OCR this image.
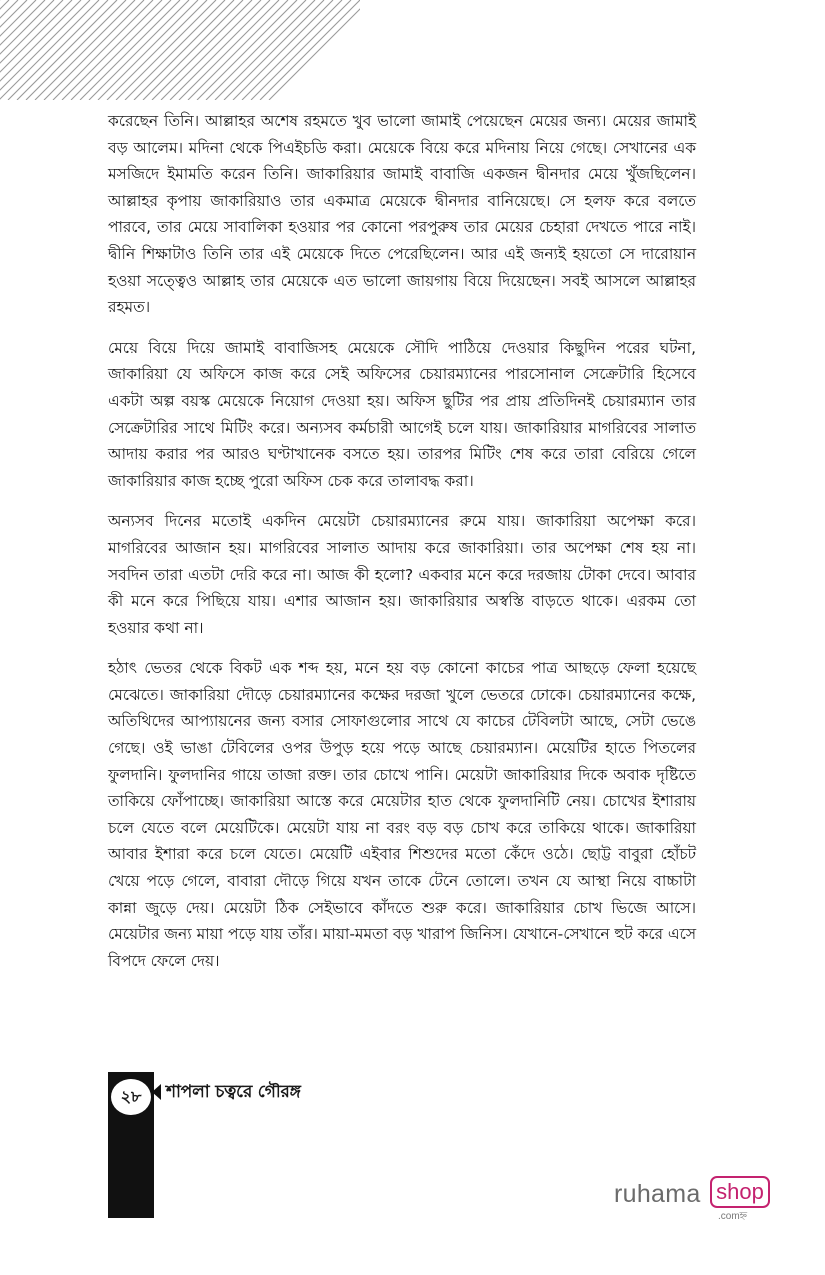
করেছেন তিনি। আল্লাহর অশেষ রহমতে খুব ভালো জামাই পেয়েছেন মেয়ের জন্য। মেয়ের জামাই বড় আলেম। মদিনা থেকে পিএইচডি করা। মেয়েকে বিয়ে করে মদিনায় নিয়ে গেছে। সেখানের এক মসজিদে ইমামতি করেন তিনি। জাকারিয়ার জামাই বাবাজি একজন দ্বীনদার মেয়ে খুঁজছিলেন। আল্লাহর কৃপায় জাকারিয়াও তার একমাত্র মেয়েকে দ্বীনদার বানিয়েছে। সে হলফ করে বলতে পারবে, তার মেয়ে সাবালিকা হওয়ার পর কোনো পরপুরুষ তার মেয়ের চেহারা দেখতে পারে নাই। দ্বীনি শিক্ষাটাও তিনি তার এই মেয়েকে দিতে পেরেছিলেন। আর এই জন্যই হয়তো সে দারোয়ান হওয়া সত্ত্বেও আল্লাহ তার মেয়েকে এত ভালো জায়গায় বিয়ে দিয়েছেন। সবই আসলে আল্লাহর রহমত।

মেয়ে বিয়ে দিয়ে জামাই বাবাজিসহ মেয়েকে সৌদি পাঠিয়ে দেওয়ার কিছুদিন পরের ঘটনা, জাকারিয়া যে অফিসে কাজ করে সেই অফিসের চেয়ারম্যানের পারসোনাল সেক্রেটারি হিসেবে একটা অল্প বয়স্ক মেয়েকে নিয়োগ দেওয়া হয়। অফিস ছুটির পর প্রায় প্রতিদিনই চেয়ারম্যান তার সেক্রেটারির সাথে মিটিং করে। অন্যসব কর্মচারী আগেই চলে যায়। জাকারিয়ার মাগরিবের সালাত আদায় করার পর আরও ঘণ্টাখানেক বসতে হয়। তারপর মিটিং শেষ করে তারা বেরিয়ে গেলে জাকারিয়ার কাজ হচ্ছে পুরো অফিস চেক করে তালাবদ্ধ করা।

অন্যসব দিনের মতোই একদিন মেয়েটা চেয়ারম্যানের রুমে যায়। জাকারিয়া অপেক্ষা করে। মাগরিবের আজান হয়। মাগরিবের সালাত আদায় করে জাকারিয়া। তার অপেক্ষা শেষ হয় না। সবদিন তারা এতটা দেরি করে না। আজ কী হলো? একবার মনে করে দরজায় টোকা দেবে। আবার কী মনে করে পিছিয়ে যায়। এশার আজান হয়। জাকারিয়ার অস্বস্তি বাড়তে থাকে। এরকম তো হওয়ার কথা না।

হঠাৎ ভেতর থেকে বিকট এক শব্দ হয়, মনে হয় বড় কোনো কাচের পাত্র আছড়ে ফেলা হয়েছে মেঝেতে। জাকারিয়া দৌড়ে চেয়ারম্যানের কক্ষের দরজা খুলে ভেতরে ঢোকে। চেয়ারম্যানের কক্ষে, অতিথিদের আপ্যায়নের জন্য বসার সোফাগুলোর সাথে যে কাচের টেবিলটা আছে, সেটা ভেঙে গেছে। ওই ভাঙা টেবিলের ওপর উপুড় হয়ে পড়ে আছে চেয়ারম্যান। মেয়েটির হাতে পিতলের ফুলদানি। ফুলদানির গায়ে তাজা রক্ত। তার চোখে পানি। মেয়েটা জাকারিয়ার দিকে অবাক দৃষ্টিতে তাকিয়ে ফোঁপাচ্ছে। জাকারিয়া আস্তে করে মেয়েটার হাত থেকে ফুলদানিটি নেয়। চোখের ইশারায় চলে যেতে বলে মেয়েটিকে। মেয়েটা যায় না বরং বড় বড় চোখ করে তাকিয়ে থাকে। জাকারিয়া আবার ইশারা করে চলে যেতে। মেয়েটি এইবার শিশুদের মতো কেঁদে ওঠে। ছোট্ট বাবুরা হোঁচট খেয়ে পড়ে গেলে, বাবারা দৌড়ে গিয়ে যখন তাকে টেনে তোলে। তখন যে আস্থা নিয়ে বাচ্চাটা কান্না জুড়ে দেয়। মেয়েটা ঠিক সেইভাবে কাঁদতে শুরু করে। জাকারিয়ার চোখ ভিজে আসে। মেয়েটার জন্য মায়া পড়ে যায় তাঁর। মায়া-মমতা বড় খারাপ জিনিস। যেখানে-সেখানে হুট করে এসে বিপদে ফেলে দেয়।

২৮	শাপলা চত্বরে গৌরঙ্গ
ruhama shop
.comহ্ন
